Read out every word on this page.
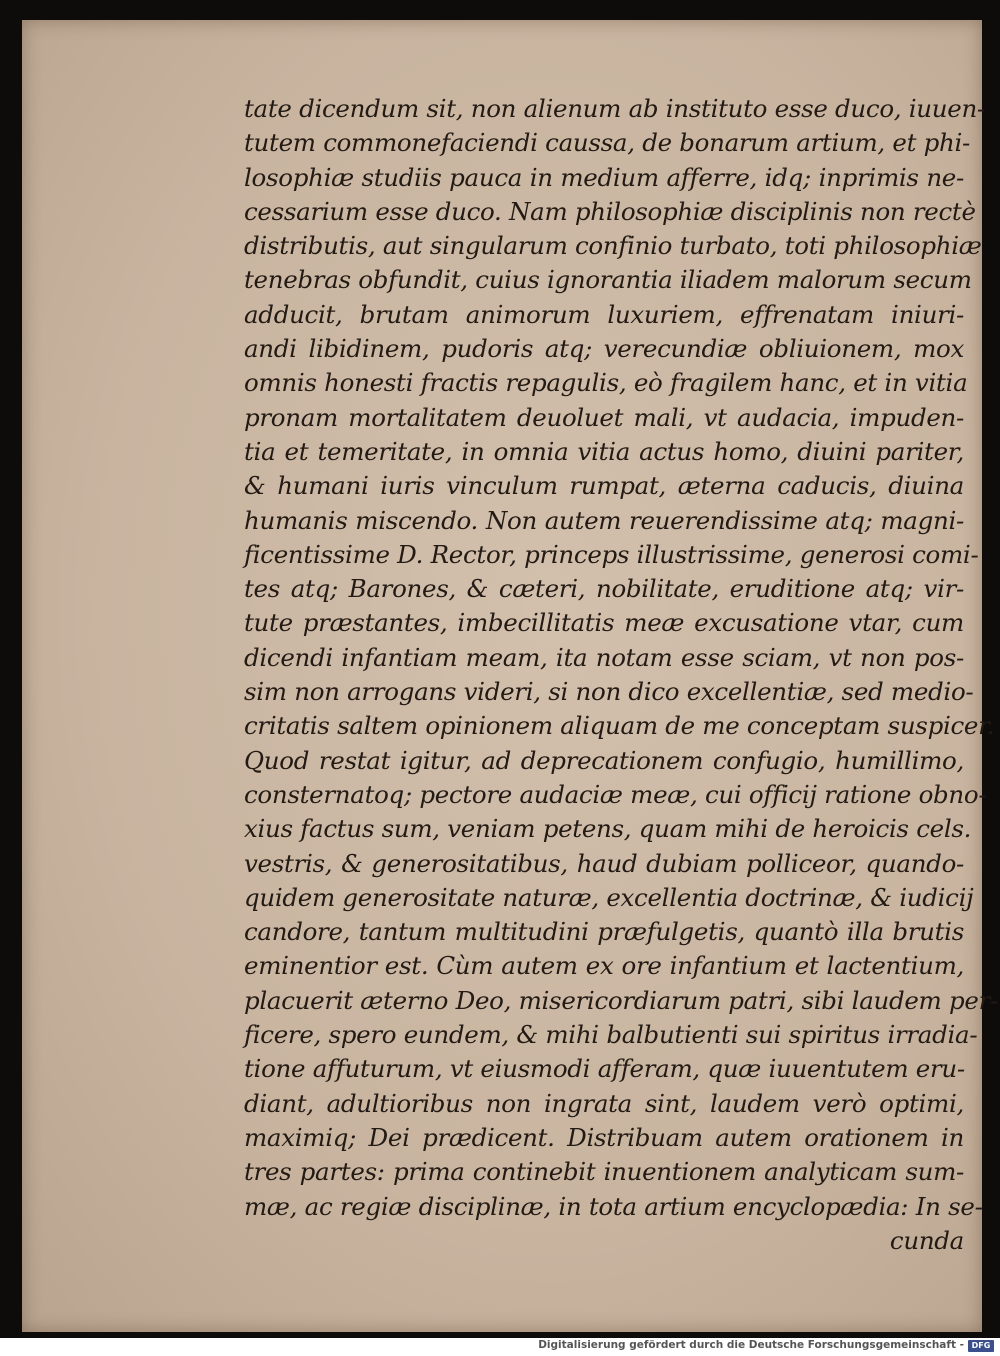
tate dicendum sit, non alienum ab instituto esse duco, iuuen-
tutem commonefaciendi caussa, de bonarum artium, et phi-
losophiæ studiis pauca in medium afferre, idq; inprimis ne-
cessarium esse duco. Nam philosophiæ disciplinis non rectè
distributis, aut singularum confinio turbato, toti philosophiæ
tenebras obfundit, cuius ignorantia iliadem malorum secum
adducit, brutam animorum luxuriem, effrenatam iniuri-
andi libidinem, pudoris atq; verecundiæ obliuionem, mox
omnis honesti fractis repagulis, eò fragilem hanc, et in vitia
pronam mortalitatem deuoluet mali, vt audacia, impuden-
tia et temeritate, in omnia vitia actus homo, diuini pariter,
& humani iuris vinculum rumpat, æterna caducis, diuina
humanis miscendo. Non autem reuerendissime atq; magni-
ficentissime D. Rector, princeps illustrissime, generosi comi-
tes atq; Barones, & cæteri, nobilitate, eruditione atq; vir-
tute præstantes, imbecillitatis meæ excusatione vtar, cum
dicendi infantiam meam, ita notam esse sciam, vt non pos-
sim non arrogans videri, si non dico excellentiæ, sed medio-
critatis saltem opinionem aliquam de me conceptam suspicer.
Quod restat igitur, ad deprecationem confugio, humillimo,
consternatoq; pectore audaciæ meæ, cui officij ratione obno-
xius factus sum, veniam petens, quam mihi de heroicis cels.
vestris, & generositatibus, haud dubiam polliceor, quando-
quidem generositate naturæ, excellentia doctrinæ, & iudicij
candore, tantum multitudini præfulgetis, quantò illa brutis
eminentior est. Cùm autem ex ore infantium et lactentium,
placuerit æterno Deo, misericordiarum patri, sibi laudem per-
ficere, spero eundem, & mihi balbutienti sui spiritus irradia-
tione affuturum, vt eiusmodi afferam, quæ iuuentutem eru-
diant, adultioribus non ingrata sint, laudem verò optimi,
maximiq; Dei prædicent. Distribuam autem orationem in
tres partes: prima continebit inuentionem analyticam sum-
mæ, ac regiæ disciplinæ, in tota artium encyclopædia: In se-
cunda
Digitalisierung gefördert durch die Deutsche Forschungsgemeinschaft - DFG
